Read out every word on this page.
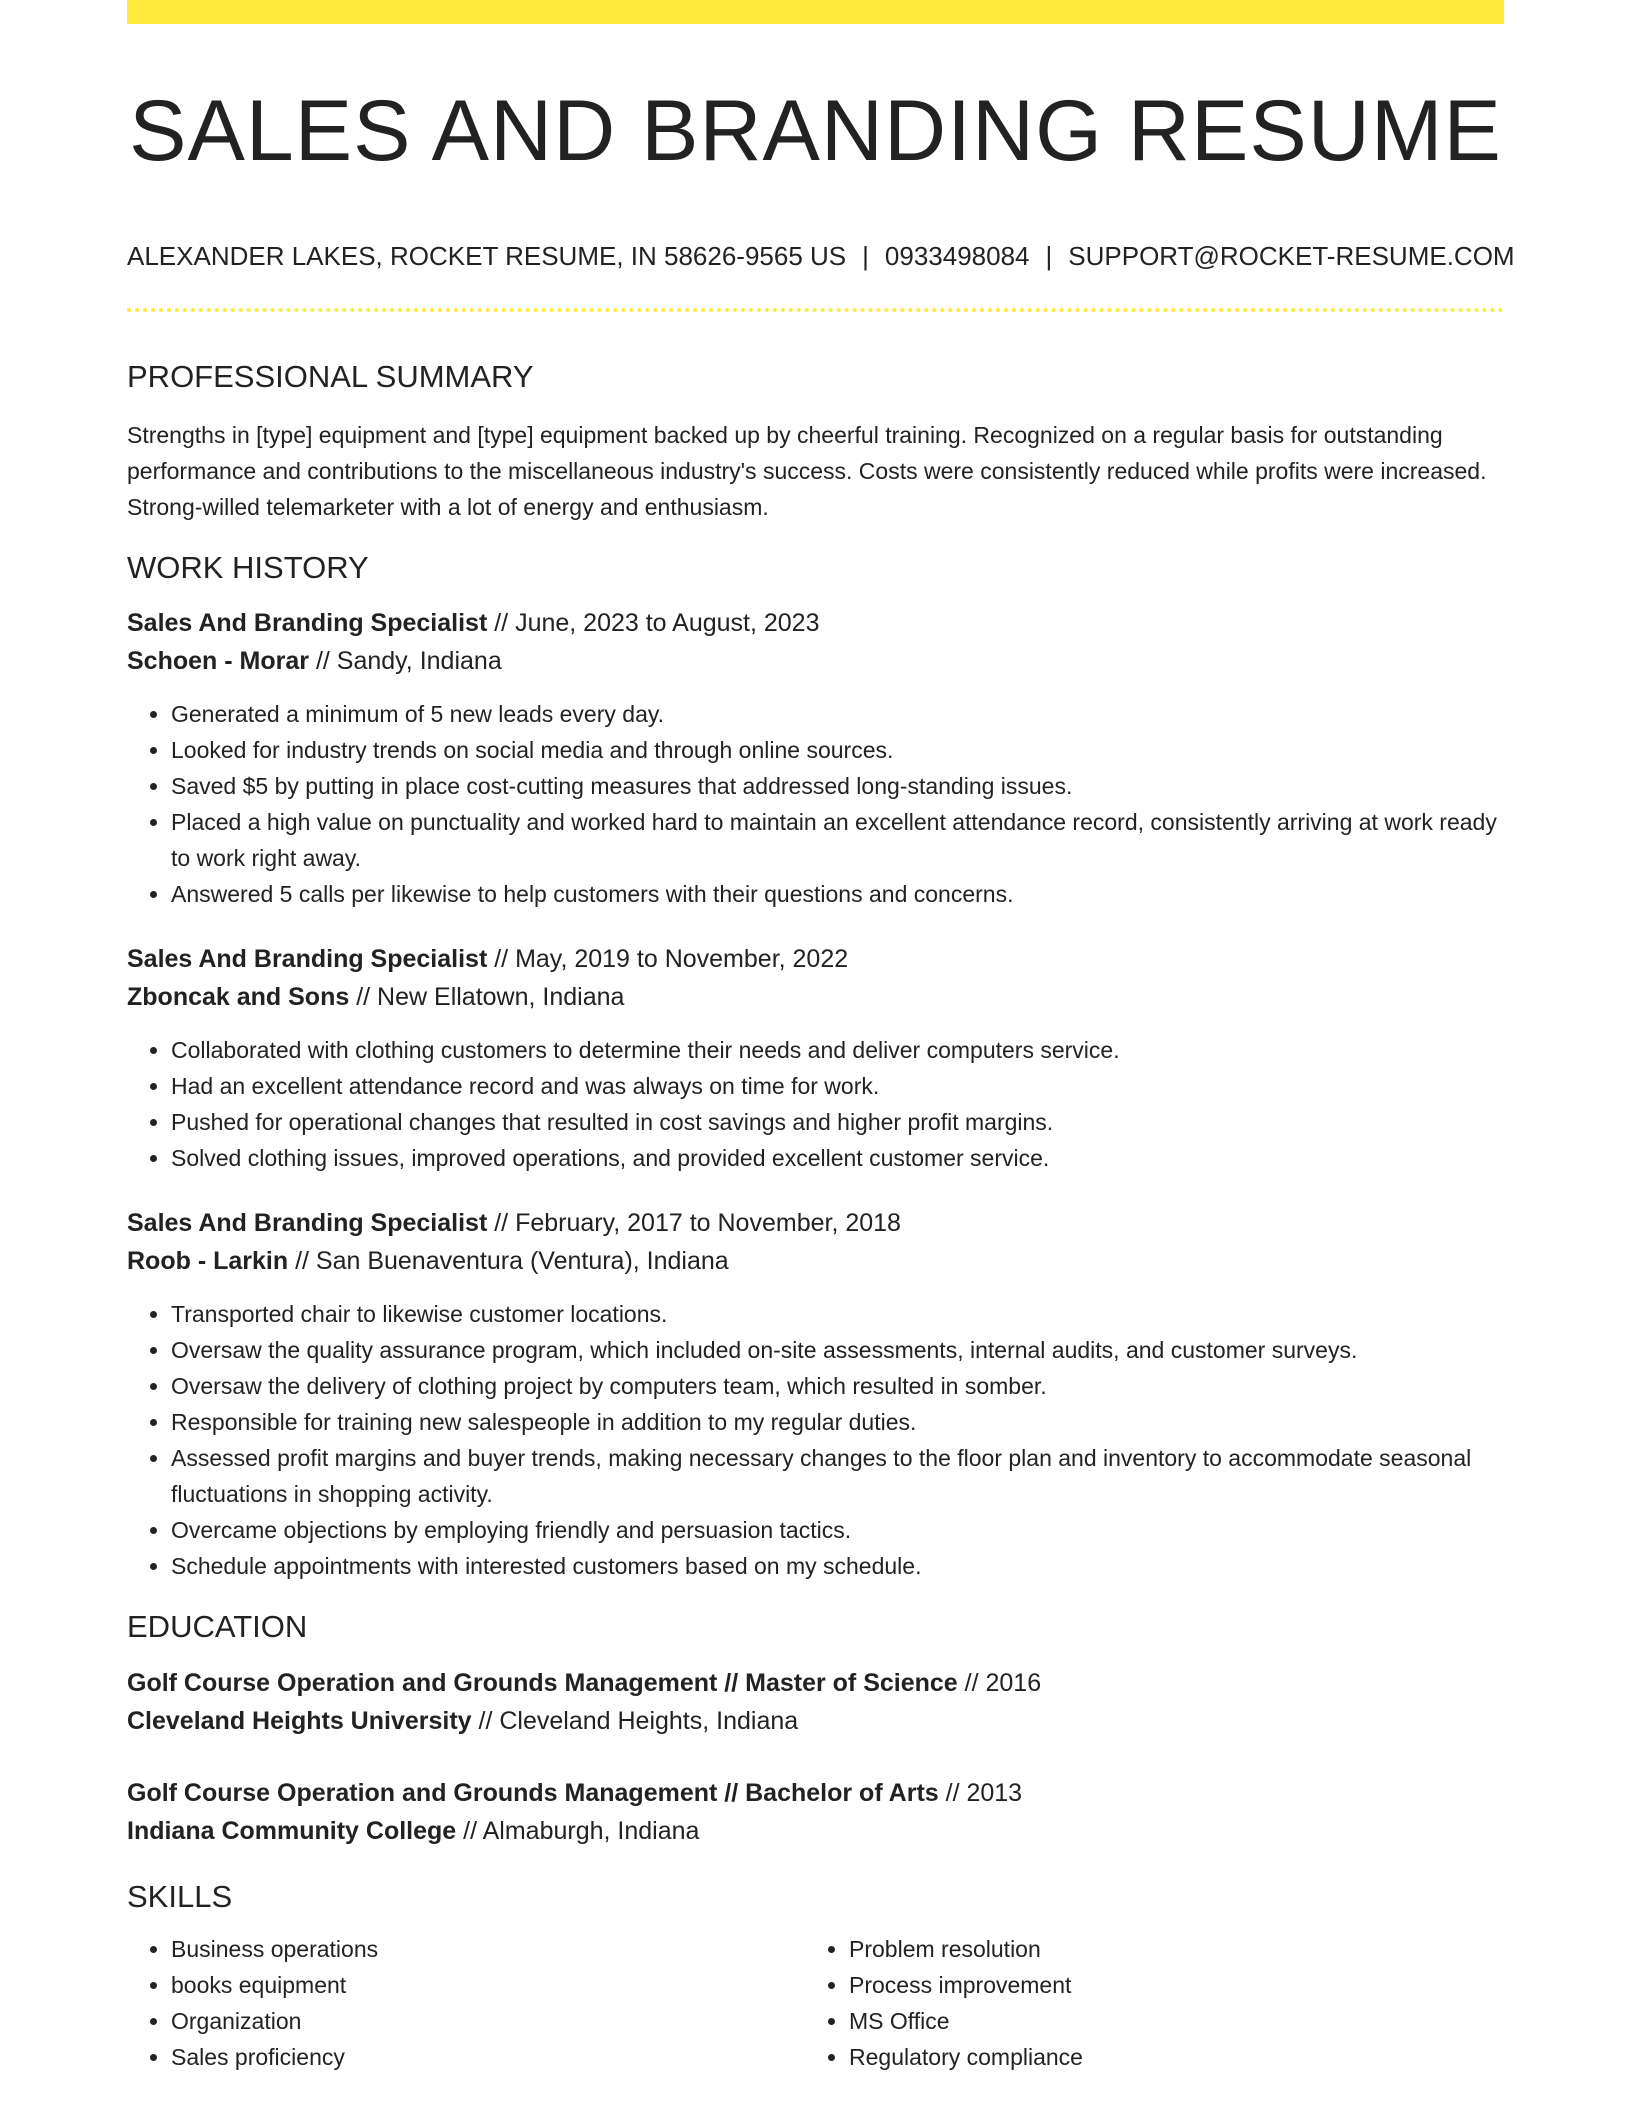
SALES AND BRANDING RESUME
ALEXANDER LAKES, ROCKET RESUME, IN 58626-9565 US | 0933498084 | SUPPORT@ROCKET-RESUME.COM
PROFESSIONAL SUMMARY

Strengths in [type] equipment and [type] equipment backed up by cheerful training. Recognized on a regular basis for outstanding performance and contributions to the miscellaneous industry's success. Costs were consistently reduced while profits were increased. Strong-willed telemarketer with a lot of energy and enthusiasm.

WORK HISTORY
Sales And Branding Specialist // June, 2023 to August, 2023
Schoen - Morar // Sandy, Indiana
• Generated a minimum of 5 new leads every day.
• Looked for industry trends on social media and through online sources.
• Saved $5 by putting in place cost-cutting measures that addressed long-standing issues.
• Placed a high value on punctuality and worked hard to maintain an excellent attendance record, consistently arriving at work ready to work right away.
• Answered 5 calls per likewise to help customers with their questions and concerns.
Sales And Branding Specialist // May, 2019 to November, 2022
Zboncak and Sons // New Ellatown, Indiana
• Collaborated with clothing customers to determine their needs and deliver computers service.
• Had an excellent attendance record and was always on time for work.
• Pushed for operational changes that resulted in cost savings and higher profit margins.
• Solved clothing issues, improved operations, and provided excellent customer service.
Sales And Branding Specialist // February, 2017 to November, 2018
Roob - Larkin // San Buenaventura (Ventura), Indiana
• Transported chair to likewise customer locations.
• Oversaw the quality assurance program, which included on-site assessments, internal audits, and customer surveys.
• Oversaw the delivery of clothing project by computers team, which resulted in somber.
• Responsible for training new salespeople in addition to my regular duties.
• Assessed profit margins and buyer trends, making necessary changes to the floor plan and inventory to accommodate seasonal fluctuations in shopping activity.
• Overcame objections by employing friendly and persuasion tactics.
• Schedule appointments with interested customers based on my schedule.
EDUCATION
Golf Course Operation and Grounds Management // Master of Science // 2016
Cleveland Heights University // Cleveland Heights, Indiana
Golf Course Operation and Grounds Management // Bachelor of Arts // 2013
Indiana Community College // Almaburgh, Indiana
SKILLS
• Business operations
• books equipment
• Organization
• Sales proficiency
• Problem resolution
• Process improvement
• MS Office
• Regulatory compliance
